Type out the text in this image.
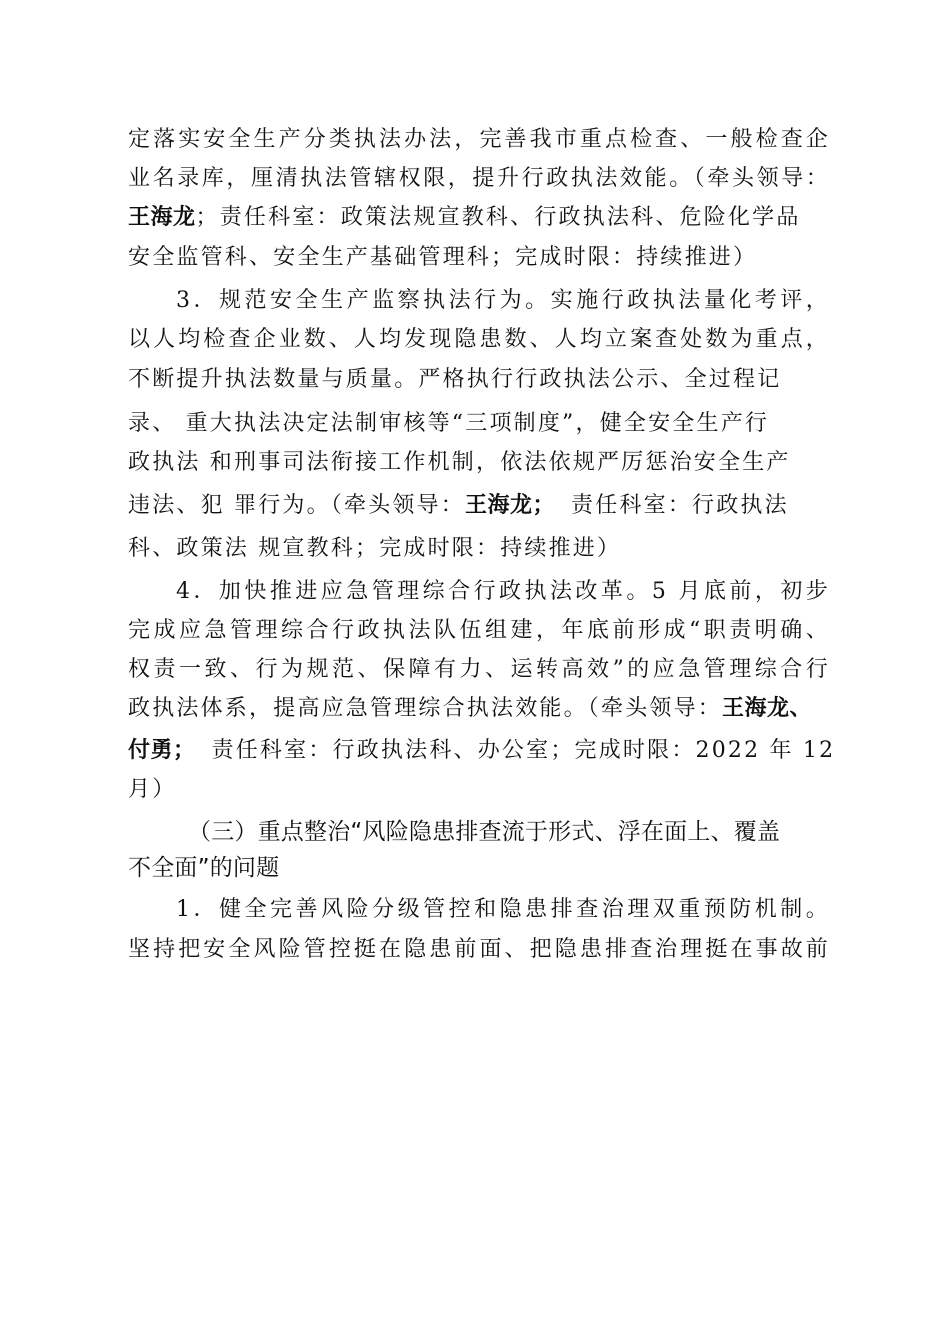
定落实安全生产分类执法办法，完善我市重点检查、一般检查企
业名录库，厘清执法管辖权限，提升行政执法效能。（牵头领导：
王海龙；责任科室：政策法规宣教科、行政执法科、危险化学品
安全监管科、安全生产基础管理科；完成时限：持续推进）
3．规范安全生产监察执法行为。实施行政执法量化考评，
以人均检查企业数、人均发现隐患数、人均立案查处数为重点，
不断提升执法数量与质量。严格执行行政执法公示、全过程记
录、 重大执法决定法制审核等“三项制度”，健全安全生产行
政执法 和刑事司法衔接工作机制，依法依规严厉惩治安全生产
违法、犯 罪行为。（牵头领导：王海龙； 责任科室：行政执法
科、政策法 规宣教科；完成时限：持续推进）
4．加快推进应急管理综合行政执法改革。5 月底前，初步
完成应急管理综合行政执法队伍组建，年底前形成“职责明确、
权责一致、行为规范、保障有力、运转高效”的应急管理综合行
政执法体系，提高应急管理综合执法效能。（牵头领导：王海龙、
付勇； 责任科室：行政执法科、办公室；完成时限：2022 年 12
月）
（三）重点整治“风险隐患排查流于形式、浮在面上、覆盖
不全面”的问题
1．健全完善风险分级管控和隐患排查治理双重预防机制。
坚持把安全风险管控挺在隐患前面、把隐患排查治理挺在事故前
